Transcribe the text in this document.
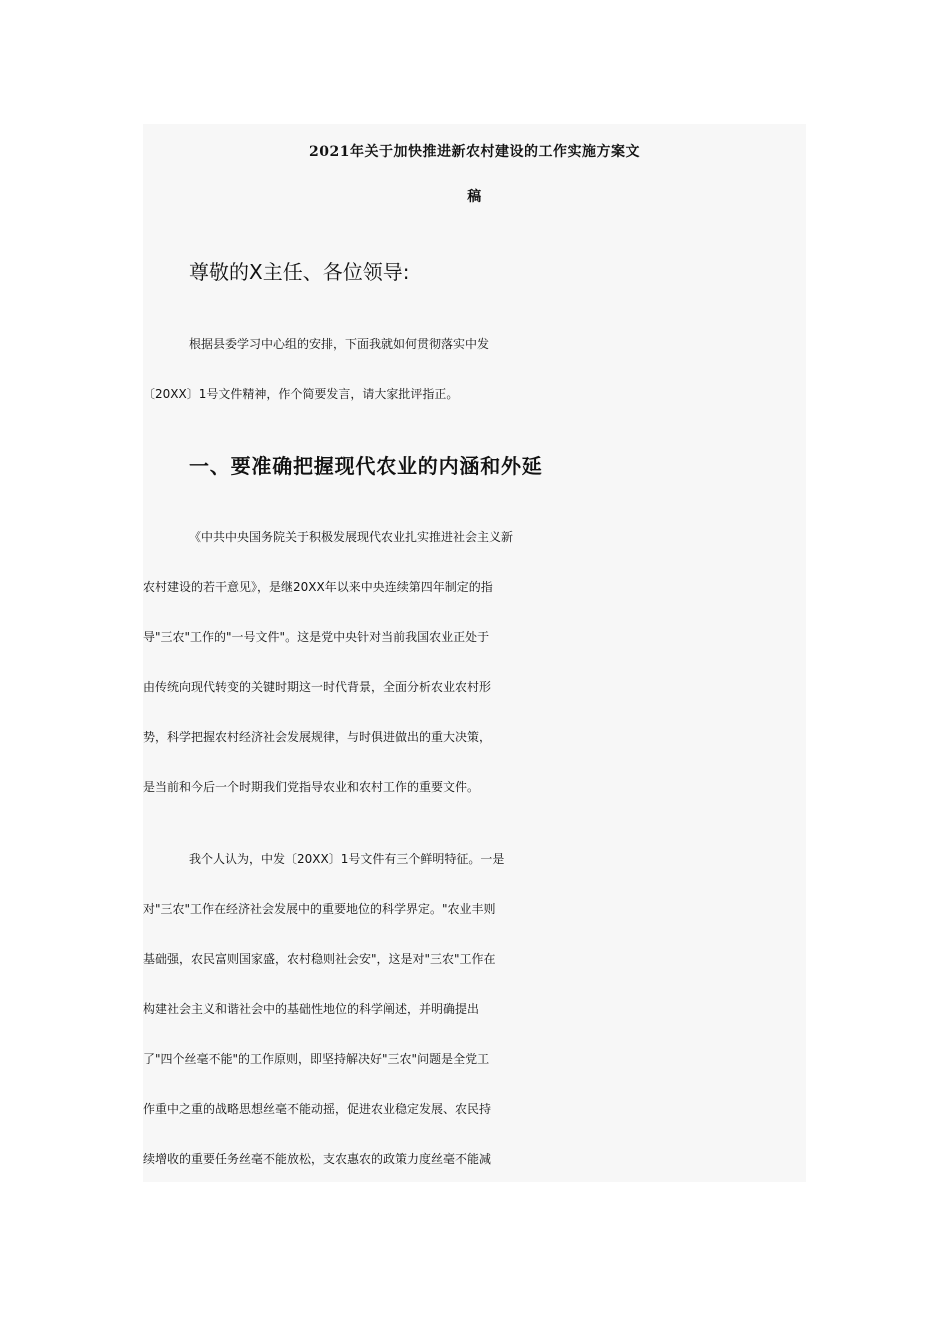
2021年关于加快推进新农村建设的工作实施方案文
稿

尊敬的X主任、各位领导:

根据县委学习中心组的安排，下面我就如何贯彻落实中发

〔20XX〕1号文件精神，作个简要发言，请大家批评指正。

一、要准确把握现代农业的内涵和外延

《中共中央国务院关于积极发展现代农业扎实推进社会主义新

农村建设的若干意见》，是继20XX年以来中央连续第四年制定的指

导"三农"工作的"一号文件"。这是党中央针对当前我国农业正处于

由传统向现代转变的关键时期这一时代背景，全面分析农业农村形

势，科学把握农村经济社会发展规律，与时俱进做出的重大决策，

是当前和今后一个时期我们党指导农业和农村工作的重要文件。

我个人认为，中发〔20XX〕1号文件有三个鲜明特征。一是

对"三农"工作在经济社会发展中的重要地位的科学界定。"农业丰则

基础强，农民富则国家盛，农村稳则社会安"，这是对"三农"工作在

构建社会主义和谐社会中的基础性地位的科学阐述，并明确提出

了"四个丝毫不能"的工作原则，即坚持解决好"三农"问题是全党工

作重中之重的战略思想丝毫不能动摇，促进农业稳定发展、农民持

续增收的重要任务丝毫不能放松，支农惠农的政策力度丝毫不能减
